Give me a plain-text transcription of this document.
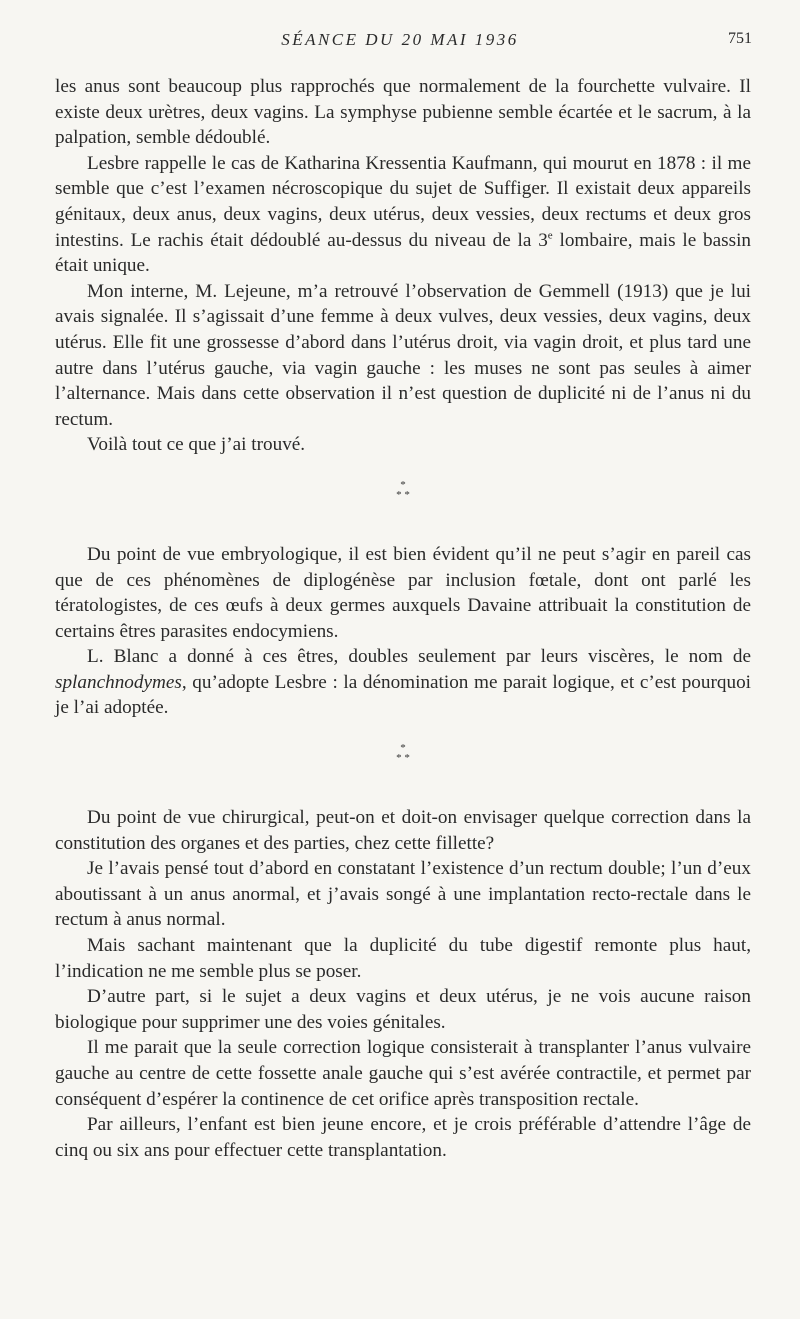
SÉANCE DU 20 MAI 1936	751

les anus sont beaucoup plus rapprochés que normalement de la fourchette vulvaire. Il existe deux urètres, deux vagins. La symphyse pubienne semble écartée et le sacrum, à la palpation, semble dédoublé.

Lesbre rappelle le cas de Katharina Kressentia Kaufmann, qui mourut en 1878 : il me semble que c’est l’examen nécroscopique du sujet de Suffiger. Il existait deux appareils génitaux, deux anus, deux vagins, deux utérus, deux vessies, deux rectums et deux gros intestins. Le rachis était dédoublé au-dessus du niveau de la 3e lombaire, mais le bassin était unique.

Mon interne, M. Lejeune, m’a retrouvé l’observation de Gemmell (1913) que je lui avais signalée. Il s’agissait d’une femme à deux vulves, deux vessies, deux vagins, deux utérus. Elle fit une grossesse d’abord dans l’utérus droit, via vagin droit, et plus tard une autre dans l’utérus gauche, via vagin gauche : les muses ne sont pas seules à aimer l’alternance. Mais dans cette observation il n’est question de duplicité ni de l’anus ni du rectum.

Voilà tout ce que j’ai trouvé.

*
* *

Du point de vue embryologique, il est bien évident qu’il ne peut s’agir en pareil cas que de ces phénomènes de diplogénèse par inclusion fœtale, dont ont parlé les tératologistes, de ces œufs à deux germes auxquels Davaine attribuait la constitution de certains êtres parasites endocymiens.

L. Blanc a donné à ces êtres, doubles seulement par leurs viscères, le nom de splanchnodymes, qu’adopte Lesbre : la dénomination me parait logique, et c’est pourquoi je l’ai adoptée.

*
* *

Du point de vue chirurgical, peut-on et doit-on envisager quelque correction dans la constitution des organes et des parties, chez cette fillette?

Je l’avais pensé tout d’abord en constatant l’existence d’un rectum double; l’un d’eux aboutissant à un anus anormal, et j’avais songé à une implantation recto-rectale dans le rectum à anus normal.

Mais sachant maintenant que la duplicité du tube digestif remonte plus haut, l’indication ne me semble plus se poser.

D’autre part, si le sujet a deux vagins et deux utérus, je ne vois aucune raison biologique pour supprimer une des voies génitales.

Il me parait que la seule correction logique consisterait à transplanter l’anus vulvaire gauche au centre de cette fossette anale gauche qui s’est avérée contractile, et permet par conséquent d’espérer la continence de cet orifice après transposition rectale.

Par ailleurs, l’enfant est bien jeune encore, et je crois préférable d’attendre l’âge de cinq ou six ans pour effectuer cette transplantation.
